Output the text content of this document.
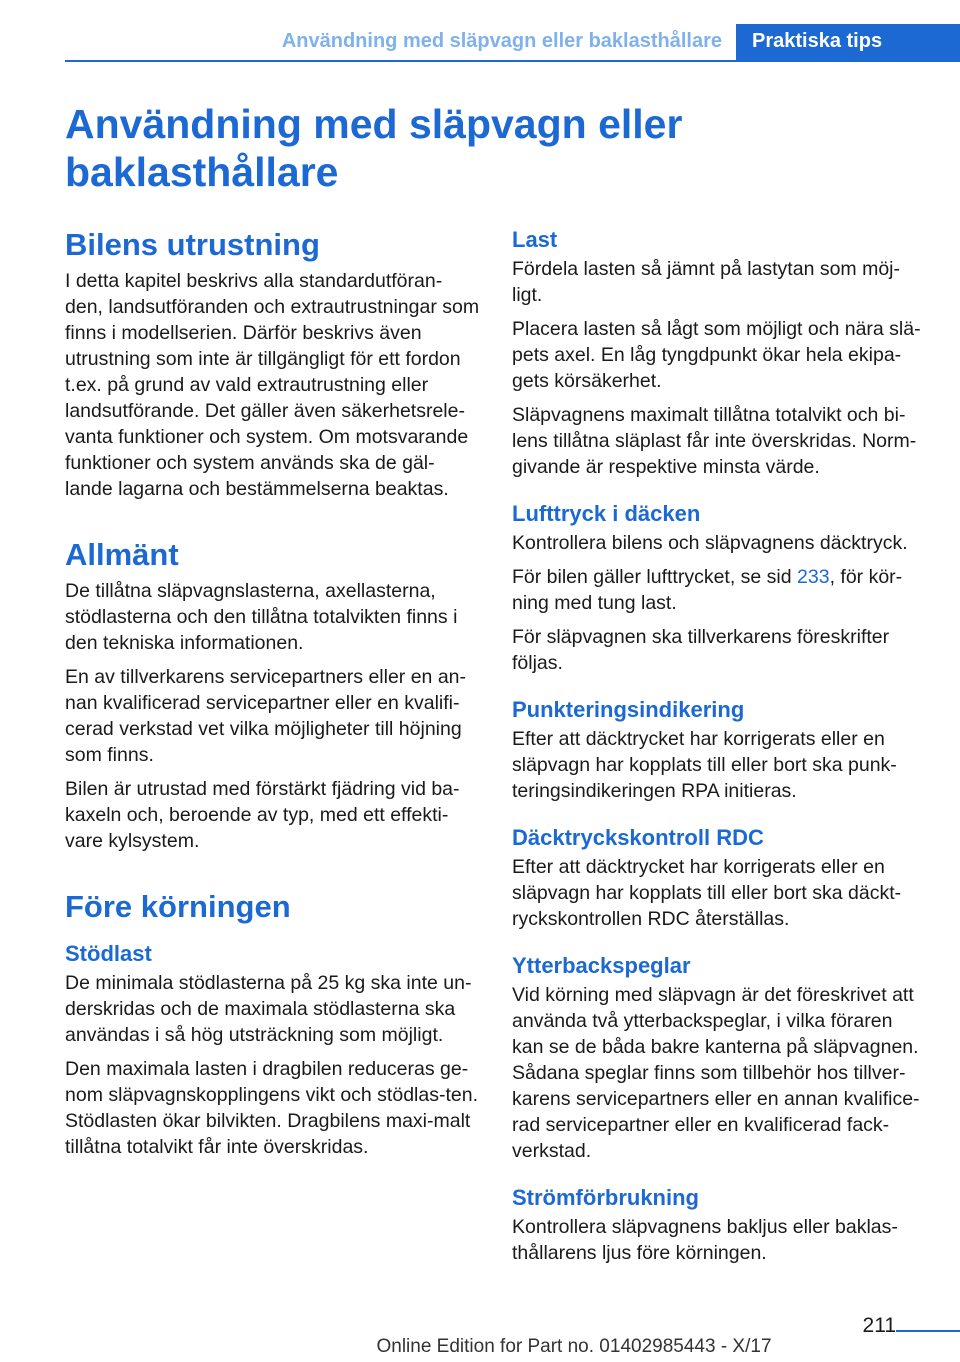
Användning med släpvagn eller baklasthållare	Praktiska tips
Användning med släpvagn eller baklasthållare
Bilens utrustning

I detta kapitel beskrivs alla standardutföran-den, landsutföranden och extrautrustningar som finns i modellserien. Därför beskrivs även utrustning som inte är tillgängligt för ett fordon t.ex. på grund av vald extrautrustning eller landsutförande. Det gäller även säkerhetsrele-vanta funktioner och system. Om motsvarande funktioner och system används ska de gäl-lande lagarna och bestämmelserna beaktas.

Allmänt

De tillåtna släpvagnslasterna, axellasterna, stödlasterna och den tillåtna totalvikten finns i den tekniska informationen.

En av tillverkarens servicepartners eller en an-nan kvalificerad servicepartner eller en kvalifi-cerad verkstad vet vilka möjligheter till höjning som finns.

Bilen är utrustad med förstärkt fjädring vid ba-kaxeln och, beroende av typ, med ett effekti-vare kylsystem.

Före körningen
Stödlast

De minimala stödlasterna på 25 kg ska inte un-derskridas och de maximala stödlasterna ska användas i så hög utsträckning som möjligt.

Den maximala lasten i dragbilen reduceras ge-nom släpvagnskopplingens vikt och stödlas-ten. Stödlasten ökar bilvikten. Dragbilens maxi-malt tillåtna totalvikt får inte överskridas.

Last

Fördela lasten så jämnt på lastytan som möj-ligt.

Placera lasten så lågt som möjligt och nära slä-pets axel. En låg tyngdpunkt ökar hela ekipa-gets körsäkerhet.

Släpvagnens maximalt tillåtna totalvikt och bi-lens tillåtna släplast får inte överskridas. Norm-givande är respektive minsta värde.

Lufttryck i däcken

Kontrollera bilens och släpvagnens däcktryck.

För bilen gäller lufttrycket, se sid 233, för kör-ning med tung last.

För släpvagnen ska tillverkarens föreskrifter följas.

Punkteringsindikering

Efter att däcktrycket har korrigerats eller en släpvagn har kopplats till eller bort ska punk-teringsindikeringen RPA initieras.

Däcktryckskontroll RDC

Efter att däcktrycket har korrigerats eller en släpvagn har kopplats till eller bort ska däckt-ryckskontrollen RDC återställas.

Ytterbackspeglar

Vid körning med släpvagn är det föreskrivet att använda två ytterbackspeglar, i vilka föraren kan se de båda bakre kanterna på släpvagnen. Sådana speglar finns som tillbehör hos tillver-karens servicepartners eller en annan kvalifice-rad servicepartner eller en kvalificerad fack-verkstad.

Strömförbrukning

Kontrollera släpvagnens bakljus eller baklas-thållarens ljus före körningen.

211
Online Edition for Part no. 01402985443 - X/17
